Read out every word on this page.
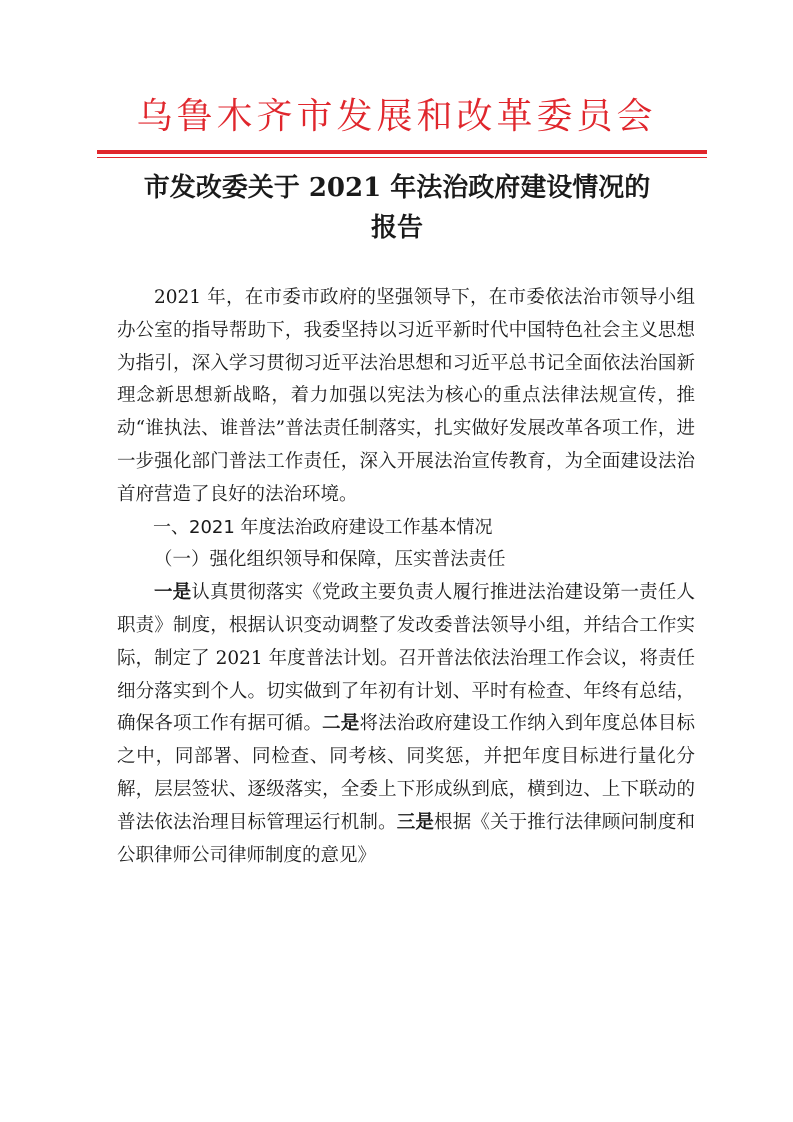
乌鲁木齐市发展和改革委员会
市发改委关于 2021 年法治政府建设情况的
报告

2021 年，在市委市政府的坚强领导下，在市委依法治市领导小组办公室的指导帮助下，我委坚持以习近平新时代中国特色社会主义思想为指引，深入学习贯彻习近平法治思想和习近平总书记全面依法治国新理念新思想新战略，着力加强以宪法为核心的重点法律法规宣传，推动“谁执法、谁普法”普法责任制落实，扎实做好发展改革各项工作，进一步强化部门普法工作责任，深入开展法治宣传教育，为全面建设法治首府营造了良好的法治环境。

一、2021 年度法治政府建设工作基本情况

（一）强化组织领导和保障，压实普法责任

一是认真贯彻落实《党政主要负责人履行推进法治建设第一责任人职责》制度，根据认识变动调整了发改委普法领导小组，并结合工作实际，制定了 2021 年度普法计划。召开普法依法治理工作会议，将责任细分落实到个人。切实做到了年初有计划、平时有检查、年终有总结，确保各项工作有据可循。二是将法治政府建设工作纳入到年度总体目标之中，同部署、同检查、同考核、同奖惩，并把年度目标进行量化分解，层层签状、逐级落实，全委上下形成纵到底，横到边、上下联动的普法依法治理目标管理运行机制。三是根据《关于推行法律顾问制度和公职律师公司律师制度的意见》
